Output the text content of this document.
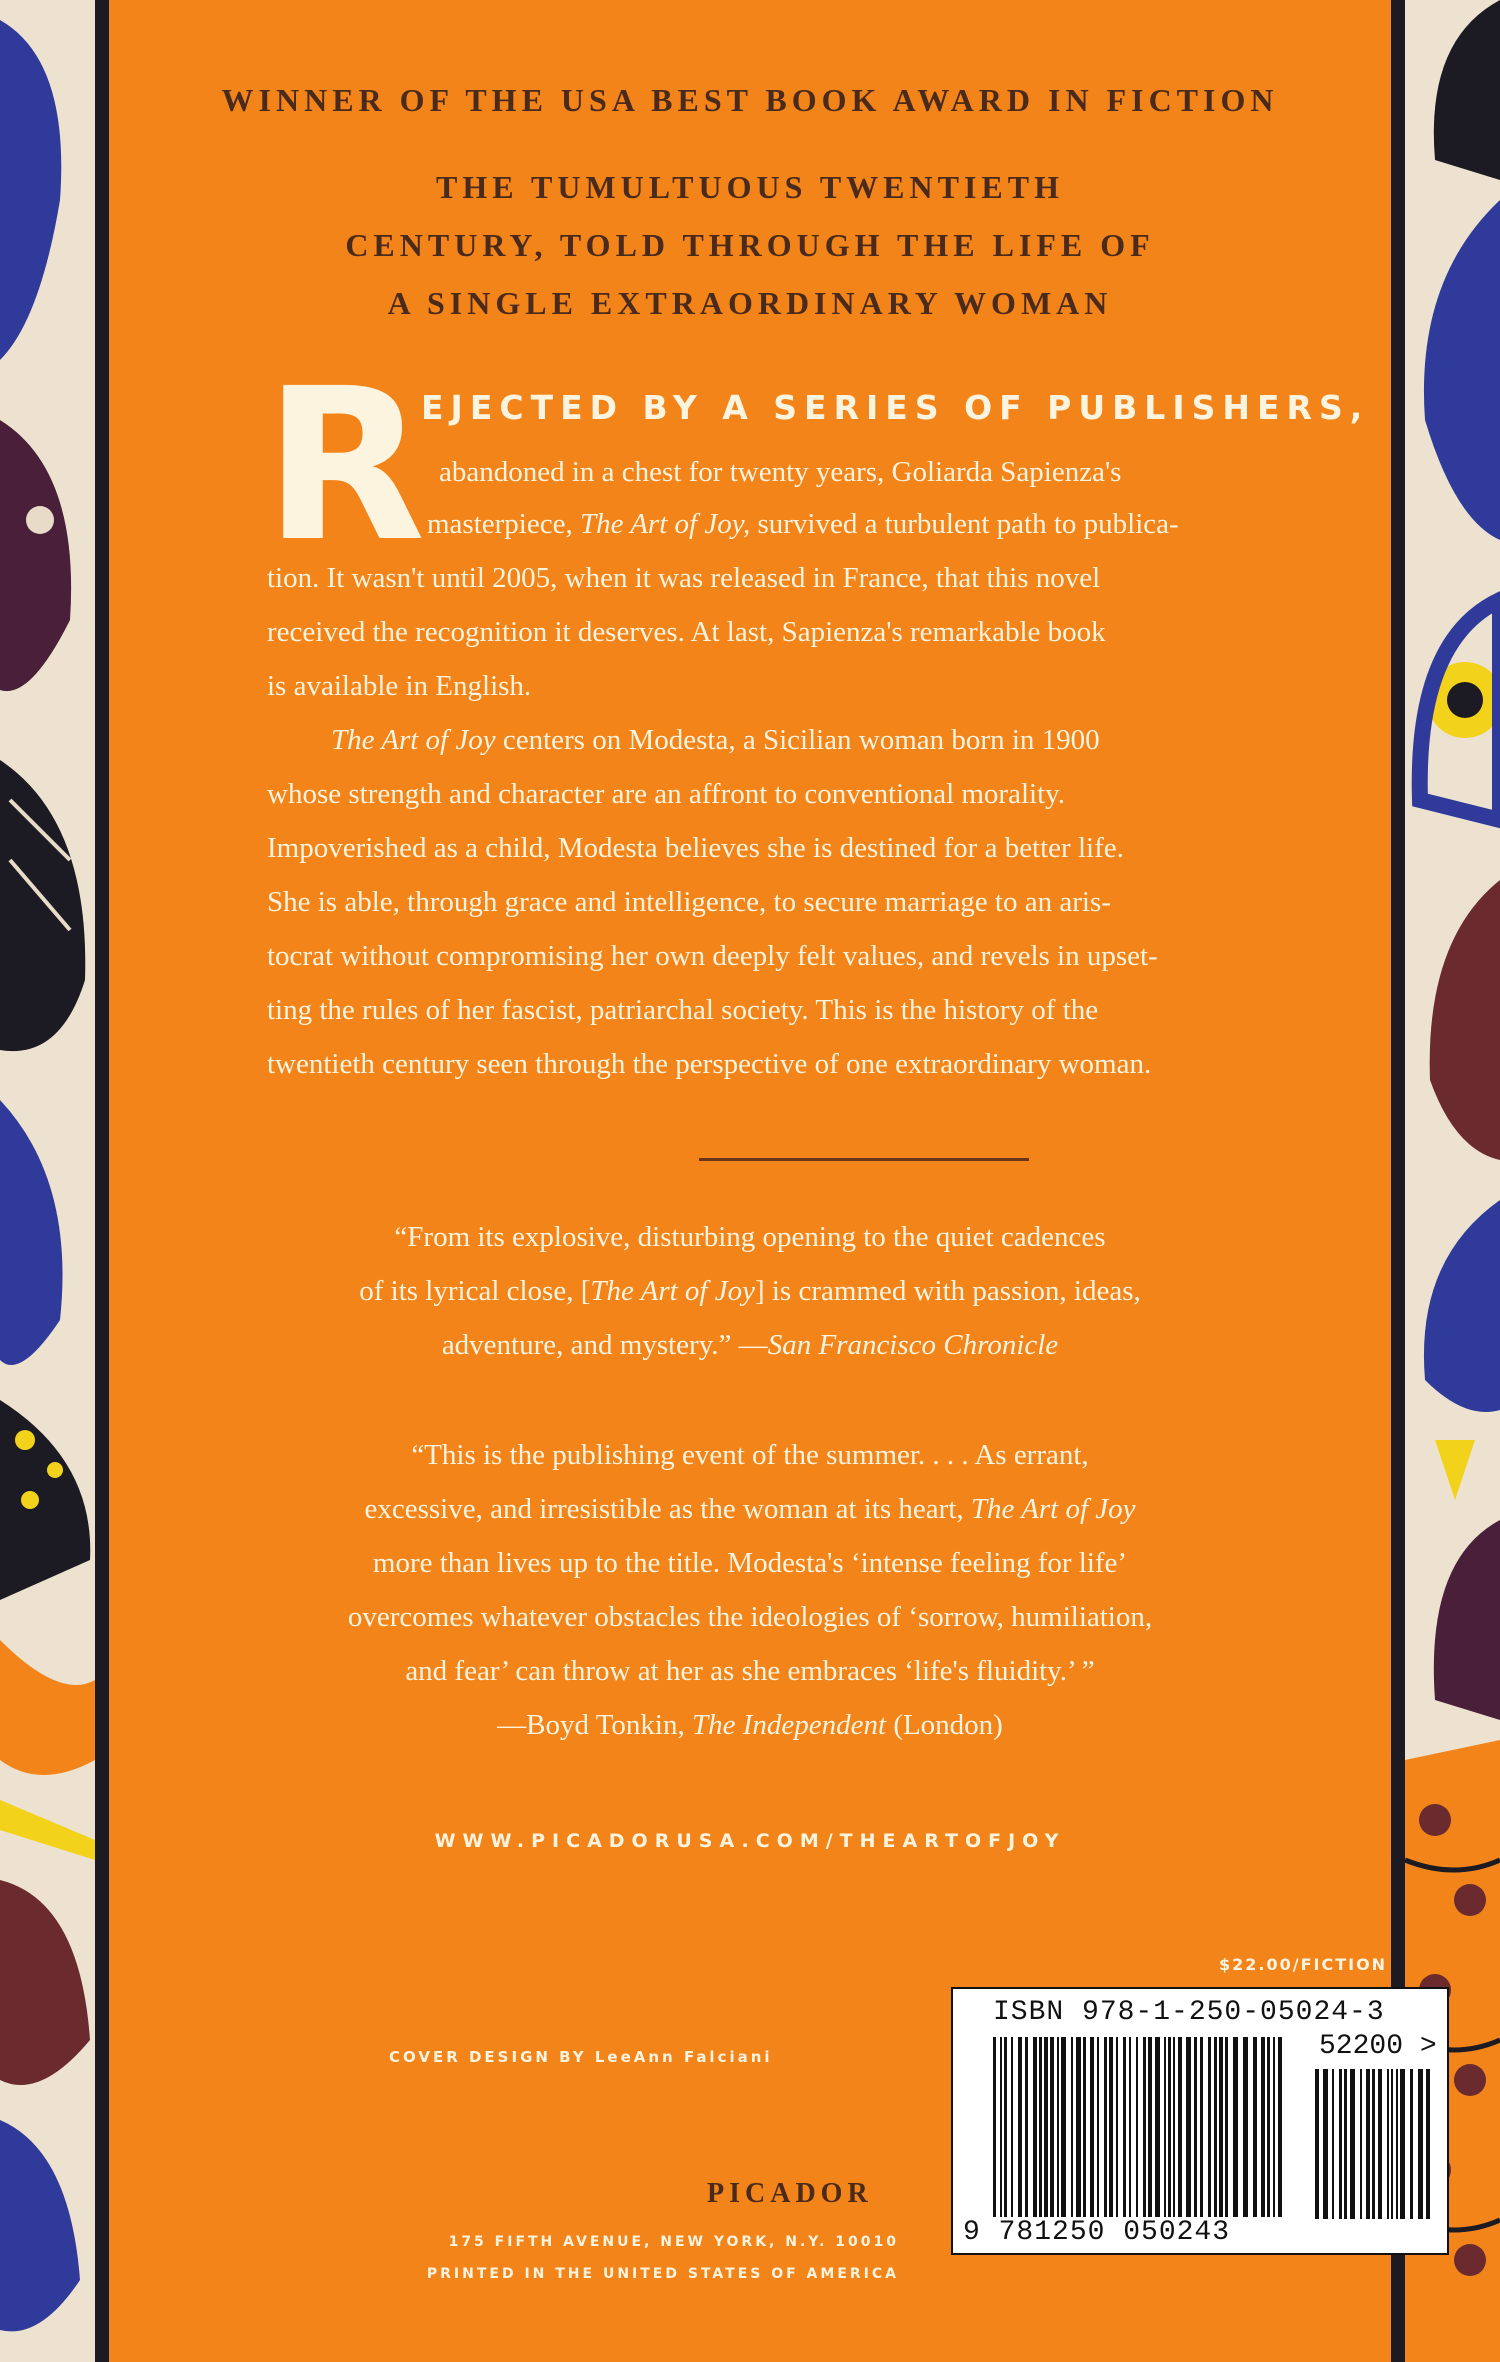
WINNER OF THE USA BEST BOOK AWARD IN FICTION
THE TUMULTUOUS TWENTIETH
CENTURY, TOLD THROUGH THE LIFE OF
A SINGLE EXTRAORDINARY WOMAN
R
EJECTED BY A SERIES OF PUBLISHERS,
abandoned in a chest for twenty years, Goliarda Sapienza's
masterpiece, The Art of Joy, survived a turbulent path to publica-
tion. It wasn't until 2005, when it was released in France, that this novel
received the recognition it deserves. At last, Sapienza's remarkable book
is available in English.
The Art of Joy centers on Modesta, a Sicilian woman born in 1900
whose strength and character are an affront to conventional morality.
Impoverished as a child, Modesta believes she is destined for a better life.
She is able, through grace and intelligence, to secure marriage to an aris-
tocrat without compromising her own deeply felt values, and revels in upset-
ting the rules of her fascist, patriarchal society. This is the history of the
twentieth century seen through the perspective of one extraordinary woman.
“From its explosive, disturbing opening to the quiet cadences
of its lyrical close, [The Art of Joy] is crammed with passion, ideas,
adventure, and mystery.” —San Francisco Chronicle
“This is the publishing event of the summer. . . . As errant,
excessive, and irresistible as the woman at its heart, The Art of Joy
more than lives up to the title. Modesta's ‘intense feeling for life’
overcomes whatever obstacles the ideologies of ‘sorrow, humiliation,
and fear’ can throw at her as she embraces ‘life's fluidity.’ ”
—Boyd Tonkin, The Independent (London)
WWW.PICADORUSA.COM/THEARTOFJOY
$22.00/FICTION
COVER DESIGN BY LeeAnn Falciani
PICADOR
175 FIFTH AVENUE, NEW YORK, N.Y. 10010
PRINTED IN THE UNITED STATES OF AMERICA
ISBN 978-1-250-05024-3
52200 >
9 781250 050243
